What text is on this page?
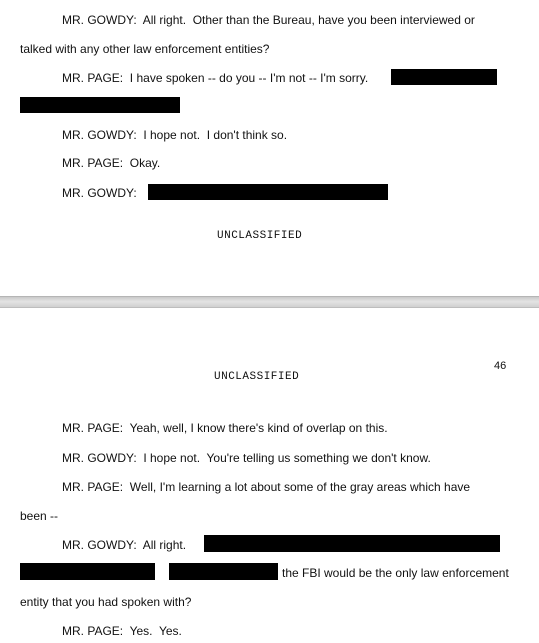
MR. GOWDY: All right.  Other than the Bureau, have you been interviewed or
talked with any other law enforcement entities?
MR. PAGE: I have spoken -- do you -- I'm not -- I'm sorry.
MR. GOWDY: I hope not.  I don't think so.
MR. PAGE: Okay.
MR. GOWDY:
UNCLASSIFIED
46
UNCLASSIFIED
MR. PAGE: Yeah, well, I know there's kind of overlap on this.
MR. GOWDY: I hope not.  You're telling us something we don't know.
MR. PAGE: Well, I'm learning a lot about some of the gray areas which have
been --
MR. GOWDY: All right.
the FBI would be the only law enforcement
entity that you had spoken with?
MR. PAGE: Yes.  Yes.
